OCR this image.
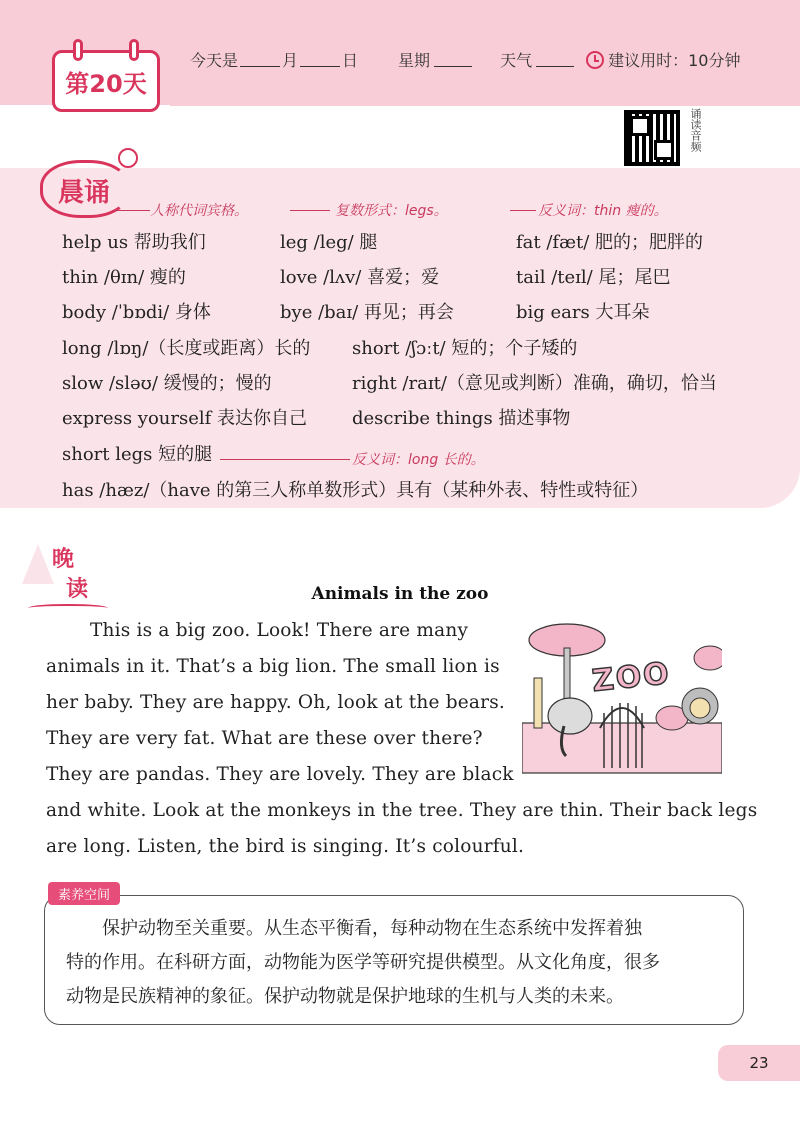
第20天
今天是	月	日	星期	天气	建议用时：10分钟
诵读音频
晨诵
人称代词宾格。	复数形式：legs。	反义词：thin 瘦的。
反义词：long 长的。
help us 帮助我们	leg /leg/ 腿	fat /fæt/ 肥的；肥胖的
thin /θɪn/ 瘦的	love /lʌv/ 喜爱；爱	tail /teɪl/ 尾；尾巴
body /ˈbɒdi/ 身体	bye /baɪ/ 再见；再会	big ears 大耳朵
long /lɒŋ/（长度或距离）长的 short /ʃɔːt/ 短的；个子矮的
slow /sləʊ/ 缓慢的；慢的	right /raɪt/（意见或判断）准确，确切，恰当
express yourself 表达你自己 describe things 描述事物
short legs 短的腿
has /hæz/（have 的第三人称单数形式）具有（某种外表、特性或特征）
晚
读	Animals in the zoo
This is a big zoo. Look! There are many
animals in it. That’s a big lion. The small lion is
her baby. They are happy. Oh, look at the bears.
They are very fat. What are these over there?
They are pandas. They are lovely. They are black
and white. Look at the monkeys in the tree. They are thin. Their back legs
are long. Listen, the bird is singing. It’s colourful.
ZOO
素养空间
保护动物至关重要。从生态平衡看，每种动物在生态系统中发挥着独
特的作用。在科研方面，动物能为医学等研究提供模型。从文化角度，很多
动物是民族精神的象征。保护动物就是保护地球的生机与人类的未来。
23
